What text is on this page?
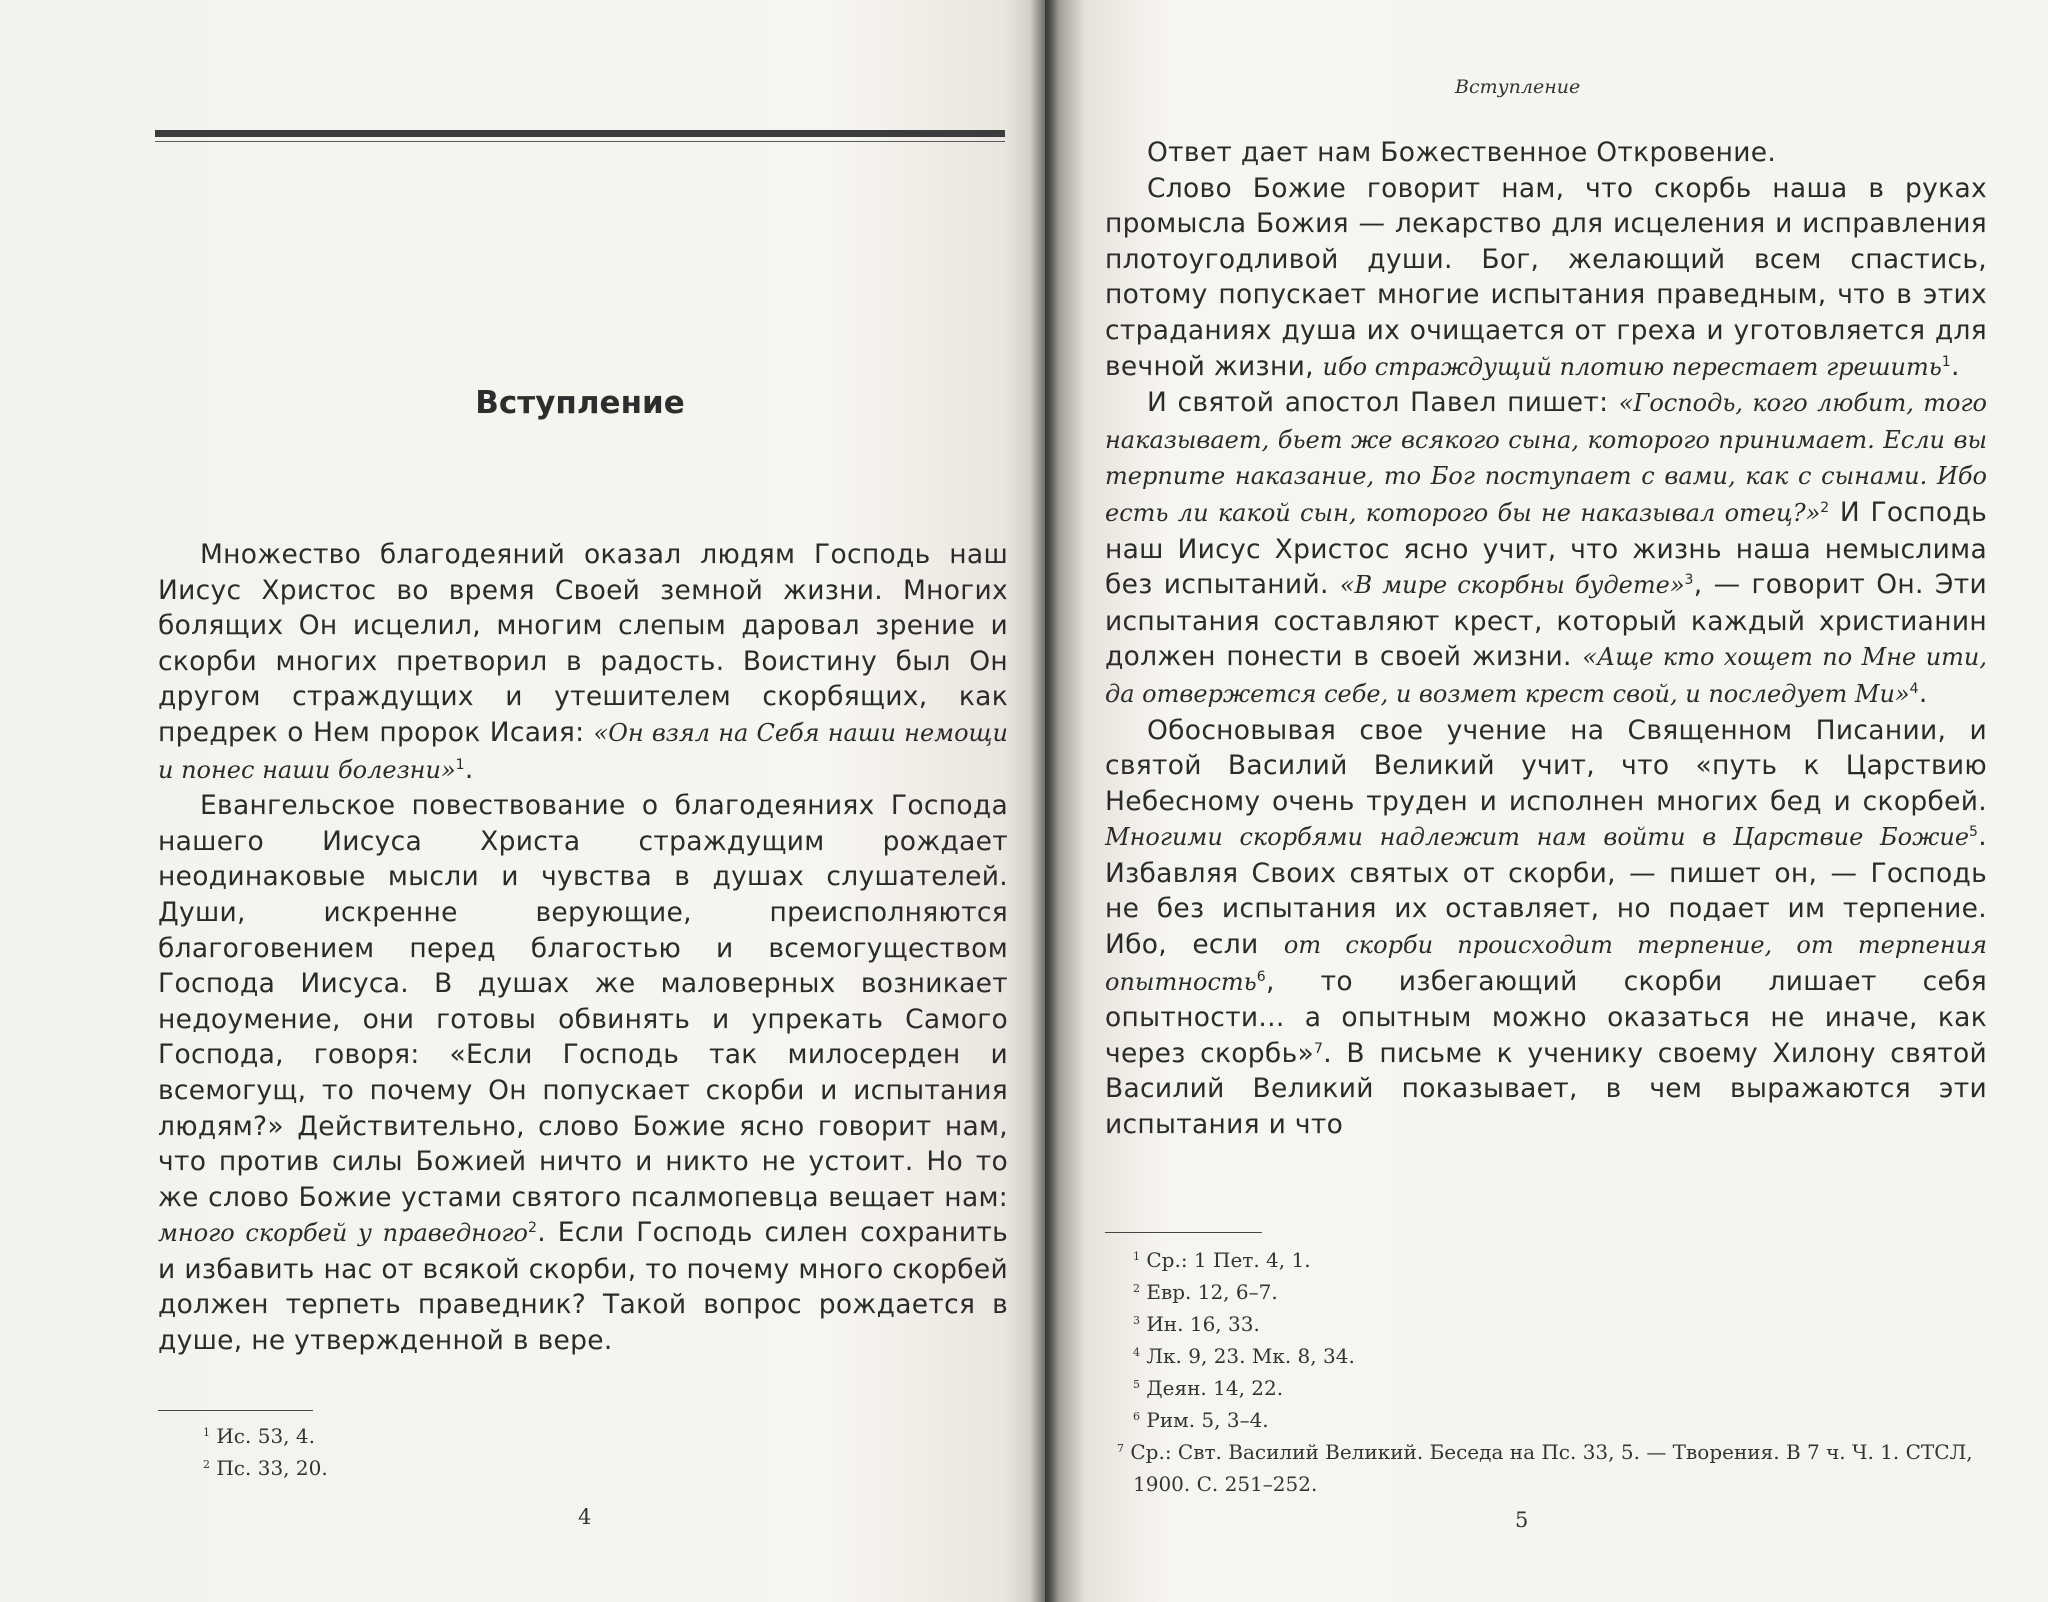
Вступление

Множество благодеяний оказал людям Господь наш Иисус Христос во время Своей земной жизни. Многих болящих Он исцелил, многим слепым даровал зрение и скорби многих претворил в радость. Воистину был Он другом страждущих и утешителем скорбящих, как предрек о Нем пророк Исаия: «Он взял на Себя наши немощи и понес наши болезни»$^1$.

Евангельское повествование о благодеяниях Господа нашего Иисуса Христа страждущим рождает неодинаковые мысли и чувства в душах слушателей. Души, искренне верующие, преисполняются благоговением перед благостью и всемогуществом Господа Иисуса. В душах же маловерных возникает недоумение, они готовы обвинять и упрекать Самого Господа, говоря: «Если Господь так милосерден и всемогущ, то почему Он попускает скорби и испытания людям?» Действительно, слово Божие ясно говорит нам, что против силы Божией ничто и никто не устоит. Но то же слово Божие устами святого псалмопевца вещает нам: много скорбей у праведного$^2$. Если Господь силен сохранить и избавить нас от всякой скорби, то почему много скорбей должен терпеть праведник? Такой вопрос рождается в душе, не утвержденной в вере.

$^1$ Ис. 53, 4.
$^2$ Пс. 33, 20.
4
Вступление

Ответ дает нам Божественное Откровение.

Слово Божие говорит нам, что скорбь наша в руках промысла Божия — лекарство для исцеления и исправления плотоугодливой души. Бог, желающий всем спастись, потому попускает многие испытания праведным, что в этих страданиях душа их очищается от греха и уготовляется для вечной жизни, ибо страждущий плотию перестает грешить$^1$.

И святой апостол Павел пишет: «Господь, кого любит, того наказывает, бьет же всякого сына, которого принимает. Если вы терпите наказание, то Бог поступает с вами, как с сынами. Ибо есть ли какой сын, которого бы не наказывал отец?»$^2$ И Господь наш Иисус Христос ясно учит, что жизнь наша немыслима без испытаний. «В мире скорбны будете»$^3$, — говорит Он. Эти испытания составляют крест, который каждый христианин должен понести в своей жизни. «Аще кто хощет по Мне ити, да отвержется себе, и возмет крест свой, и последует Ми»$^4$.

Обосновывая свое учение на Священном Писании, и святой Василий Великий учит, что «путь к Царствию Небесному очень труден и исполнен многих бед и скорбей. Многими скорбями надлежит нам войти в Царствие Божие$^5$. Избавляя Своих святых от скорби, — пишет он, — Господь не без испытания их оставляет, но подает им терпение. Ибо, если от скорби происходит терпение, от терпения опытность$^6$, то избегающий скорби лишает себя опытности... а опытным можно оказаться не иначе, как через скорбь»$^7$. В письме к ученику своему Хилону святой Василий Великий показывает, в чем выражаются эти испытания и что

$^1$ Ср.: 1 Пет. 4, 1.
$^2$ Евр. 12, 6–7.
$^3$ Ин. 16, 33.
$^4$ Лк. 9, 23. Мк. 8, 34.
$^5$ Деян. 14, 22.
$^6$ Рим. 5, 3–4.
$^7$ Ср.: Свт. Василий Великий. Беседа на Пс. 33, 5. — Творения. В 7 ч. Ч. 1. СТСЛ, 1900. С. 251–252.
5
